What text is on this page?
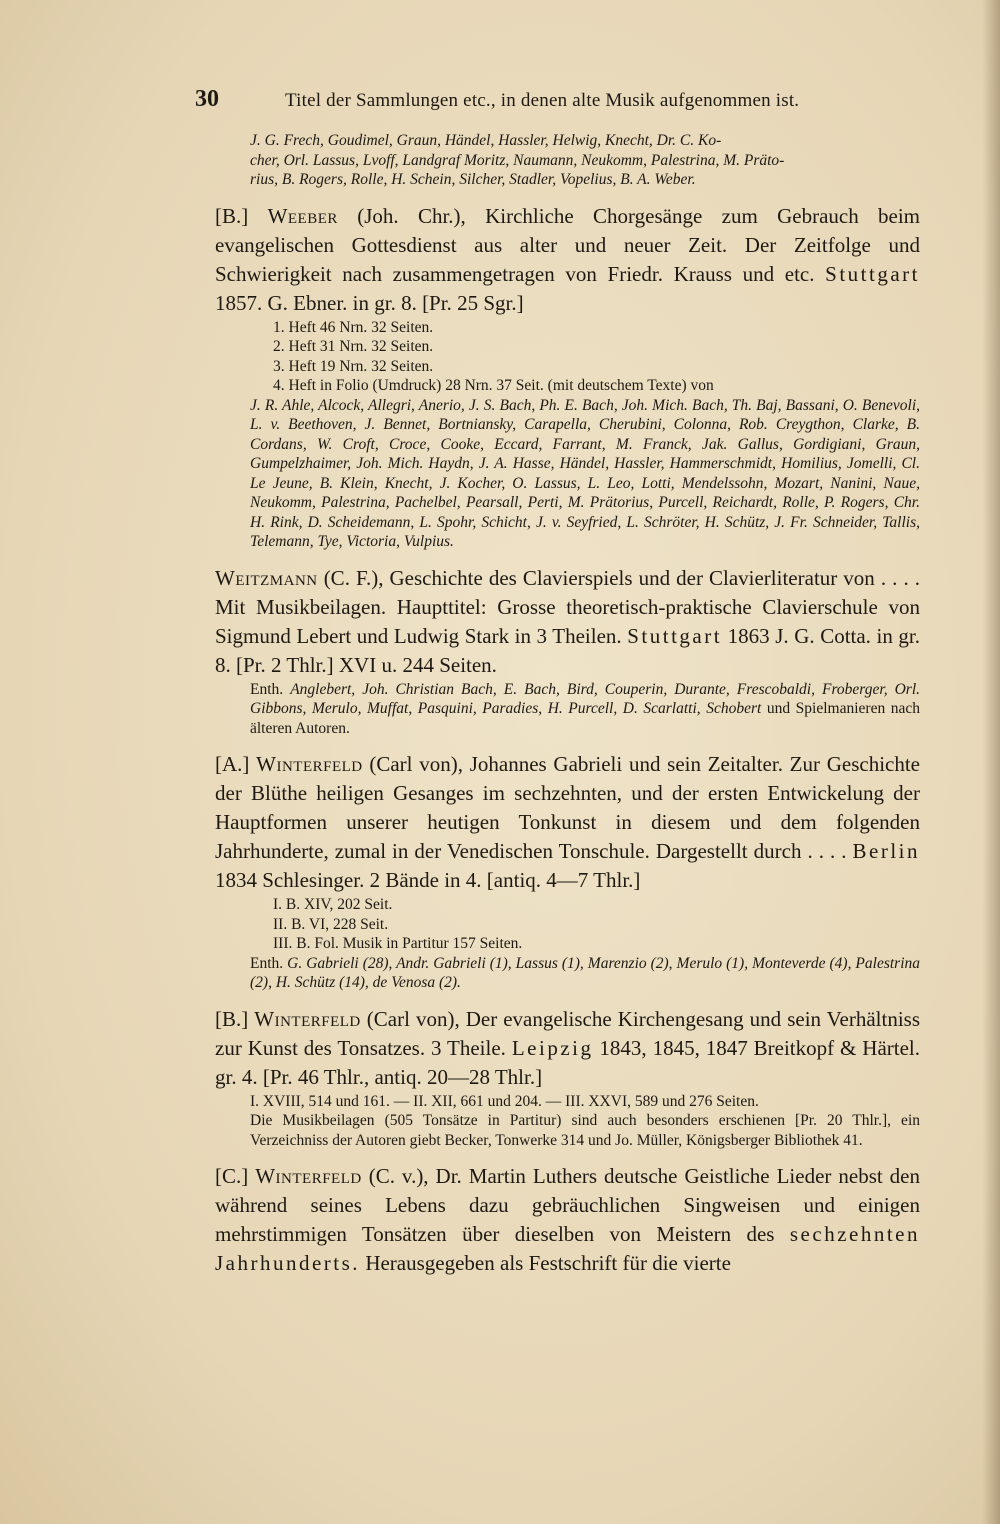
30	Titel der Sammlungen etc., in denen alte Musik aufgenommen ist.
J. G. Frech, Goudimel, Graun, Händel, Hassler, Helwig, Knecht, Dr. C. Ko-
cher, Orl. Lassus, Lvoff, Landgraf Moritz, Naumann, Neukomm, Palestrina, M. Präto-
rius, B. Rogers, Rolle, H. Schein, Silcher, Stadler, Vopelius, B. A. Weber.
[B.] Weeber (Joh. Chr.), Kirchliche Chorgesänge zum Gebrauch beim evangelischen Gottesdienst aus alter und neuer Zeit. Der Zeitfolge und Schwierigkeit nach zusammengetragen von Friedr. Krauss und etc. Stuttgart 1857. G. Ebner. in gr. 8. [Pr. 25 Sgr.]
1. Heft 46 Nrn. 32 Seiten.
2. Heft 31 Nrn. 32 Seiten.
3. Heft 19 Nrn. 32 Seiten.
4. Heft in Folio (Umdruck) 28 Nrn. 37 Seit. (mit deutschem Texte) von
J. R. Ahle, Alcock, Allegri, Anerio, J. S. Bach, Ph. E. Bach, Joh. Mich. Bach, Th. Baj, Bassani, O. Benevoli, L. v. Beethoven, J. Bennet, Bortniansky, Carapella, Cherubini, Colonna, Rob. Creygthon, Clarke, B. Cordans, W. Croft, Croce, Cooke, Eccard, Farrant, M. Franck, Jak. Gallus, Gordigiani, Graun, Gumpelzhaimer, Joh. Mich. Haydn, J. A. Hasse, Händel, Hassler, Hammerschmidt, Homilius, Jomelli, Cl. Le Jeune, B. Klein, Knecht, J. Kocher, O. Lassus, L. Leo, Lotti, Mendelssohn, Mozart, Nanini, Naue, Neukomm, Palestrina, Pachelbel, Pearsall, Perti, M. Prätorius, Purcell, Reichardt, Rolle, P. Rogers, Chr. H. Rink, D. Scheidemann, L. Spohr, Schicht, J. v. Seyfried, L. Schröter, H. Schütz, J. Fr. Schneider, Tallis, Telemann, Tye, Victoria, Vulpius.
Weitzmann (C. F.), Geschichte des Clavierspiels und der Clavierliteratur von . . . . Mit Musikbeilagen. Haupttitel: Grosse theoretisch-praktische Clavierschule von Sigmund Lebert und Ludwig Stark in 3 Theilen. Stuttgart 1863 J. G. Cotta. in gr. 8. [Pr. 2 Thlr.] XVI u. 244 Seiten.
Enth. Anglebert, Joh. Christian Bach, E. Bach, Bird, Couperin, Durante, Frescobaldi, Froberger, Orl. Gibbons, Merulo, Muffat, Pasquini, Paradies, H. Purcell, D. Scarlatti, Schobert und Spielmanieren nach älteren Autoren.
[A.] Winterfeld (Carl von), Johannes Gabrieli und sein Zeitalter. Zur Geschichte der Blüthe heiligen Gesanges im sechzehnten, und der ersten Entwickelung der Hauptformen unserer heutigen Tonkunst in diesem und dem folgenden Jahrhunderte, zumal in der Venedischen Tonschule. Dargestellt durch . . . . Berlin 1834 Schlesinger. 2 Bände in 4. [antiq. 4—7 Thlr.]
I. B. XIV, 202 Seit.
II. B. VI, 228 Seit.
III. B. Fol. Musik in Partitur 157 Seiten.
Enth. G. Gabrieli (28), Andr. Gabrieli (1), Lassus (1), Marenzio (2), Merulo (1), Monteverde (4), Palestrina (2), H. Schütz (14), de Venosa (2).
[B.] Winterfeld (Carl von), Der evangelische Kirchengesang und sein Verhältniss zur Kunst des Tonsatzes. 3 Theile. Leipzig 1843, 1845, 1847 Breitkopf & Härtel. gr. 4. [Pr. 46 Thlr., antiq. 20—28 Thlr.]
I. XVIII, 514 und 161. — II. XII, 661 und 204. — III. XXVI, 589 und 276 Seiten.
Die Musikbeilagen (505 Tonsätze in Partitur) sind auch besonders erschienen [Pr. 20 Thlr.], ein Verzeichniss der Autoren giebt Becker, Tonwerke 314 und Jo. Müller, Königsberger Bibliothek 41.
[C.] Winterfeld (C. v.), Dr. Martin Luthers deutsche Geistliche Lieder nebst den während seines Lebens dazu gebräuchlichen Singweisen und einigen mehrstimmigen Tonsätzen über dieselben von Meistern des sechzehnten Jahrhunderts. Herausgegeben als Festschrift für die vierte
